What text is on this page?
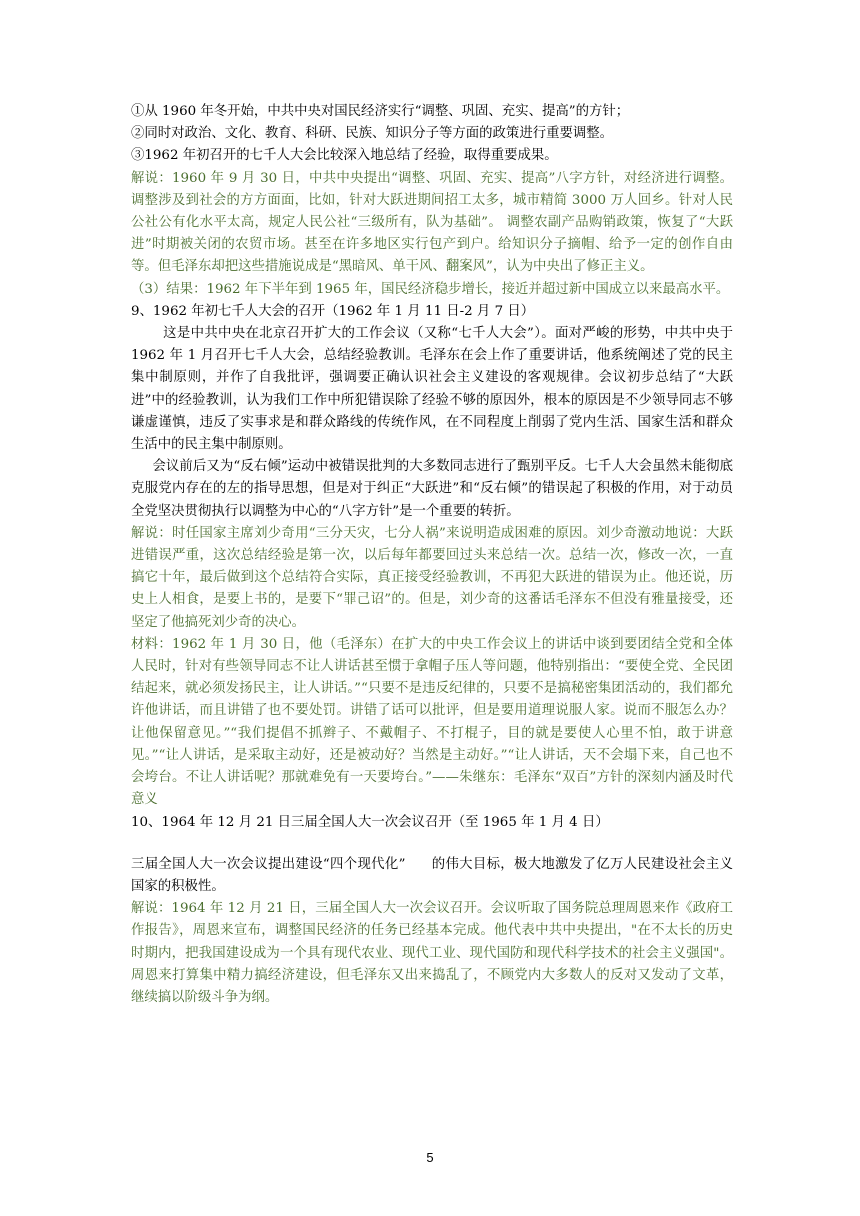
①从 1960 年冬开始，中共中央对国民经济实行“调整、巩固、充实、提高”的方针；

②同时对政治、文化、教育、科研、民族、知识分子等方面的政策进行重要调整。

③1962 年初召开的七千人大会比较深入地总结了经验，取得重要成果。

解说：1960 年 9 月 30 日，中共中央提出“调整、巩固、充实、提高”八字方针，对经济进行调整。调整涉及到社会的方方面面，比如，针对大跃进期间招工太多，城市精简 3000 万人回乡。针对人民公社公有化水平太高，规定人民公社“三级所有，队为基础”。 调整农副产品购销政策，恢复了“大跃进”时期被关闭的农贸市场。甚至在许多地区实行包产到户。给知识分子摘帽、给予一定的创作自由等。但毛泽东却把这些措施说成是“黑暗风、单干风、翻案风”，认为中央出了修正主义。

（3）结果：1962 年下半年到 1965 年，国民经济稳步增长，接近并超过新中国成立以来最高水平。

9、1962 年初七千人大会的召开（1962 年 1 月 11 日-2 月 7 日）

这是中共中央在北京召开扩大的工作会议（又称“七千人大会”）。面对严峻的形势，中共中央于 1962 年 1 月召开七千人大会，总结经验教训。毛泽东在会上作了重要讲话，他系统阐述了党的民主集中制原则，并作了自我批评，强调要正确认识社会主义建设的客观规律。会议初步总结了“大跃进”中的经验教训，认为我们工作中所犯错误除了经验不够的原因外，根本的原因是不少领导同志不够谦虚谨慎，违反了实事求是和群众路线的传统作风，在不同程度上削弱了党内生活、国家生活和群众生活中的民主集中制原则。

会议前后又为“反右倾”运动中被错误批判的大多数同志进行了甄别平反。七千人大会虽然未能彻底克服党内存在的左的指导思想，但是对于纠正“大跃进”和“反右倾”的错误起了积极的作用，对于动员全党坚决贯彻执行以调整为中心的“八字方针”是一个重要的转折。

解说：时任国家主席刘少奇用“三分天灾，七分人祸”来说明造成困难的原因。刘少奇激动地说：大跃进错误严重，这次总结经验是第一次，以后每年都要回过头来总结一次。总结一次，修改一次，一直搞它十年，最后做到这个总结符合实际，真正接受经验教训，不再犯大跃进的错误为止。他还说，历史上人相食，是要上书的，是要下“罪己诏”的。但是，刘少奇的这番话毛泽东不但没有雅量接受，还坚定了他搞死刘少奇的决心。

材料：1962 年 1 月 30 日，他（毛泽东）在扩大的中央工作会议上的讲话中谈到要团结全党和全体人民时，针对有些领导同志不让人讲话甚至惯于拿帽子压人等问题，他特别指出：“要使全党、全民团结起来，就必须发扬民主，让人讲话。”“只要不是违反纪律的，只要不是搞秘密集团活动的，我们都允许他讲话，而且讲错了也不要处罚。讲错了话可以批评，但是要用道理说服人家。说而不服怎么办？让他保留意见。”“我们提倡不抓辫子、不戴帽子、不打棍子，目的就是要使人心里不怕，敢于讲意见。”“让人讲话，是采取主动好，还是被动好？当然是主动好。”“让人讲话，天不会塌下来，自己也不会垮台。不让人讲话呢？那就难免有一天要垮台。”——朱继东：毛泽东“双百”方针的深刻内涵及时代意义

10、1964 年 12 月 21 日三届全国人大一次会议召开（至 1965 年 1 月 4 日）

三届全国人大一次会议提出建设“四个现代化” 的伟大目标，极大地激发了亿万人民建设社会主义国家的积极性。

解说：1964 年 12 月 21 日，三届全国人大一次会议召开。会议听取了国务院总理周恩来作《政府工作报告》，周恩来宣布，调整国民经济的任务已经基本完成。他代表中共中央提出，"在不太长的历史时期内，把我国建设成为一个具有现代农业、现代工业、现代国防和现代科学技术的社会主义强国"。周恩来打算集中精力搞经济建设，但毛泽东又出来捣乱了，不顾党内大多数人的反对又发动了文革，继续搞以阶级斗争为纲。

5
